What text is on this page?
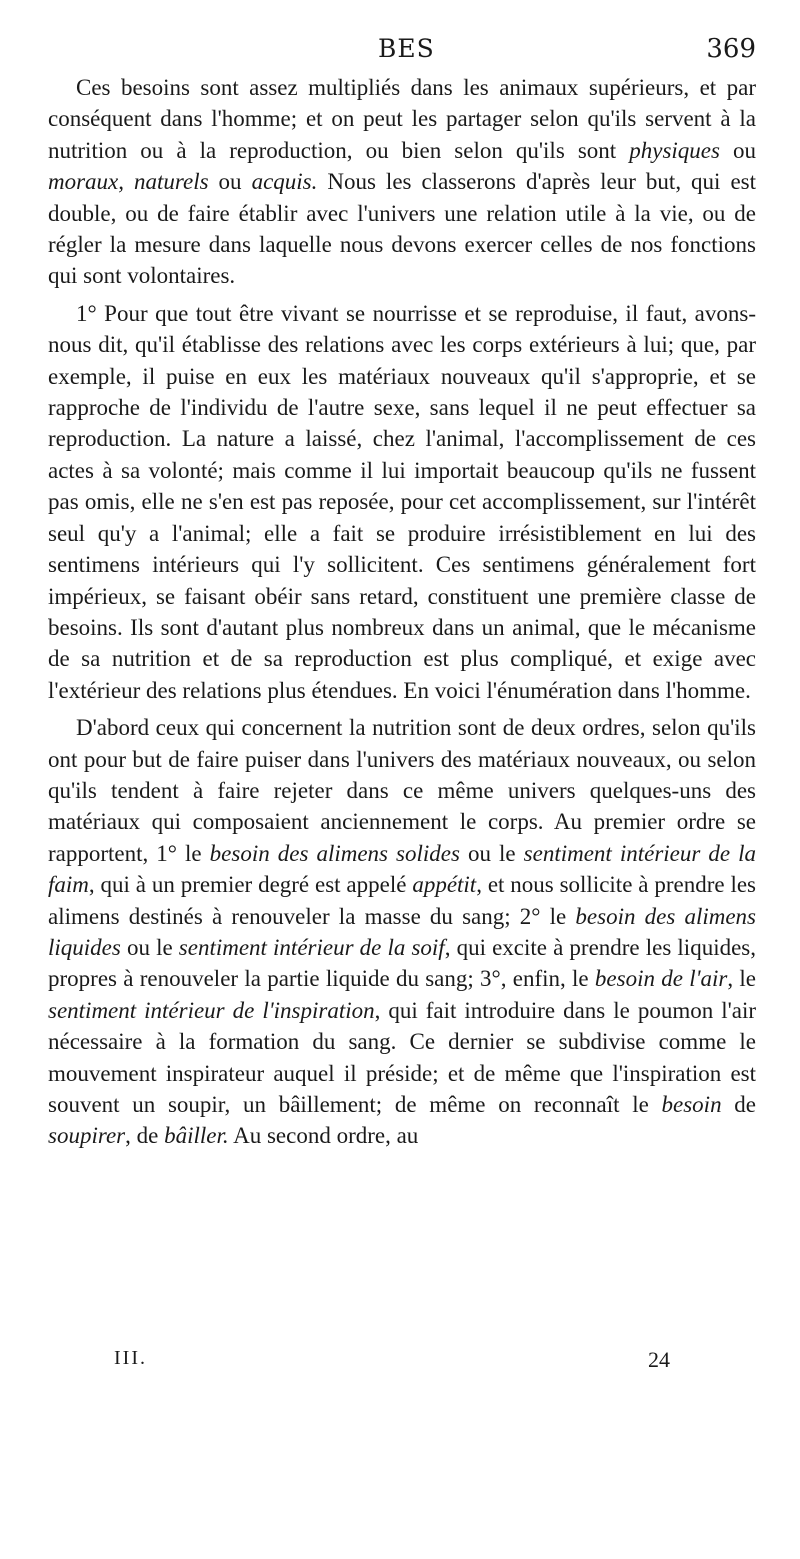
BES	369

Ces besoins sont assez multipliés dans les animaux supérieurs, et par conséquent dans l'homme; et on peut les partager selon qu'ils servent à la nutrition ou à la reproduction, ou bien selon qu'ils sont physiques ou moraux, naturels ou acquis. Nous les classerons d'après leur but, qui est double, ou de faire établir avec l'univers une relation utile à la vie, ou de régler la mesure dans laquelle nous devons exercer celles de nos fonctions qui sont volontaires.

1° Pour que tout être vivant se nourrisse et se reproduise, il faut, avons-nous dit, qu'il établisse des relations avec les corps extérieurs à lui; que, par exemple, il puise en eux les matériaux nouveaux qu'il s'approprie, et se rapproche de l'individu de l'autre sexe, sans lequel il ne peut effectuer sa reproduction. La nature a laissé, chez l'animal, l'accomplissement de ces actes à sa volonté; mais comme il lui importait beaucoup qu'ils ne fussent pas omis, elle ne s'en est pas reposée, pour cet accomplissement, sur l'intérêt seul qu'y a l'animal; elle a fait se produire irrésistiblement en lui des sentimens intérieurs qui l'y sollicitent. Ces sentimens généralement fort impérieux, se faisant obéir sans retard, constituent une première classe de besoins. Ils sont d'autant plus nombreux dans un animal, que le mécanisme de sa nutrition et de sa reproduction est plus compliqué, et exige avec l'extérieur des relations plus étendues. En voici l'énumération dans l'homme.

D'abord ceux qui concernent la nutrition sont de deux ordres, selon qu'ils ont pour but de faire puiser dans l'univers des matériaux nouveaux, ou selon qu'ils tendent à faire rejeter dans ce même univers quelques-uns des matériaux qui composaient anciennement le corps. Au premier ordre se rapportent, 1° le besoin des alimens solides ou le sentiment intérieur de la faim, qui à un premier degré est appelé appétit, et nous sollicite à prendre les alimens destinés à renouveler la masse du sang; 2° le besoin des alimens liquides ou le sentiment intérieur de la soif, qui excite à prendre les liquides, propres à renouveler la partie liquide du sang; 3°, enfin, le besoin de l'air, le sentiment intérieur de l'inspiration, qui fait introduire dans le poumon l'air nécessaire à la formation du sang. Ce dernier se subdivise comme le mouvement inspirateur auquel il préside; et de même que l'inspiration est souvent un soupir, un bâillement; de même on reconnaît le besoin de soupirer, de bâiller. Au second ordre, au

III.	24
